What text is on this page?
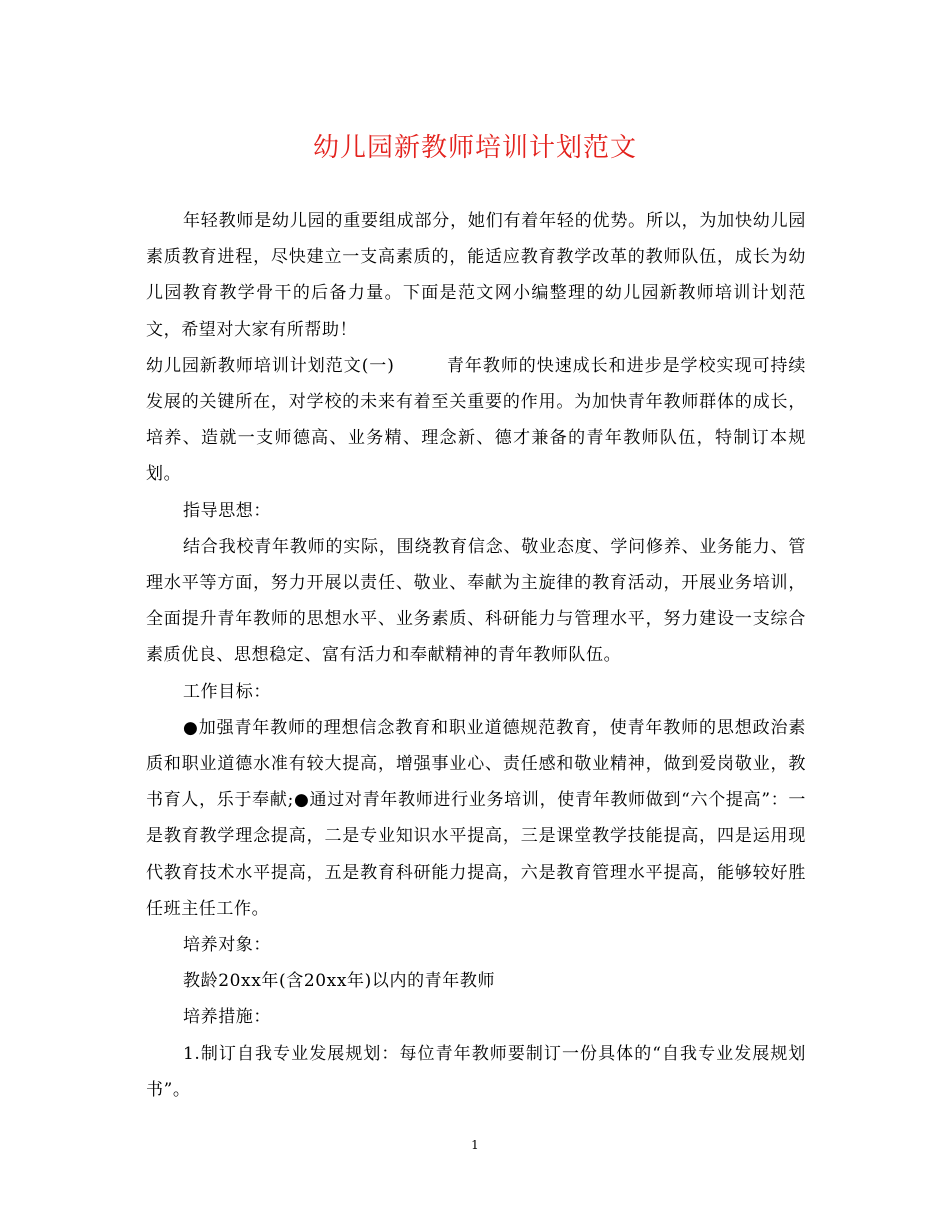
幼儿园新教师培训计划范文

年轻教师是幼儿园的重要组成部分，她们有着年轻的优势。所以，为加快幼儿园素质教育进程，尽快建立一支高素质的，能适应教育教学改革的教师队伍，成长为幼儿园教育教学骨干的后备力量。下面是范文网小编整理的幼儿园新教师培训计划范文，希望对大家有所帮助！

幼儿园新教师培训计划范文(一)	青年教师的快速成长和进步是学校实现可持续发展的关键所在，对学校的未来有着至关重要的作用。为加快青年教师群体的成长，培养、造就一支师德高、业务精、理念新、德才兼备的青年教师队伍，特制订本规划。

指导思想：

结合我校青年教师的实际，围绕教育信念、敬业态度、学问修养、业务能力、管理水平等方面，努力开展以责任、敬业、奉献为主旋律的教育活动，开展业务培训，全面提升青年教师的思想水平、业务素质、科研能力与管理水平，努力建设一支综合素质优良、思想稳定、富有活力和奉献精神的青年教师队伍。

工作目标：

●加强青年教师的理想信念教育和职业道德规范教育，使青年教师的思想政治素质和职业道德水准有较大提高，增强事业心、责任感和敬业精神，做到爱岗敬业，教书育人，乐于奉献;●通过对青年教师进行业务培训，使青年教师做到“六个提高”：一是教育教学理念提高，二是专业知识水平提高，三是课堂教学技能提高，四是运用现代教育技术水平提高，五是教育科研能力提高，六是教育管理水平提高，能够较好胜任班主任工作。

培养对象：

教龄20xx年(含20xx年)以内的青年教师

培养措施：

1.制订自我专业发展规划：每位青年教师要制订一份具体的“自我专业发展规划书”。

1
